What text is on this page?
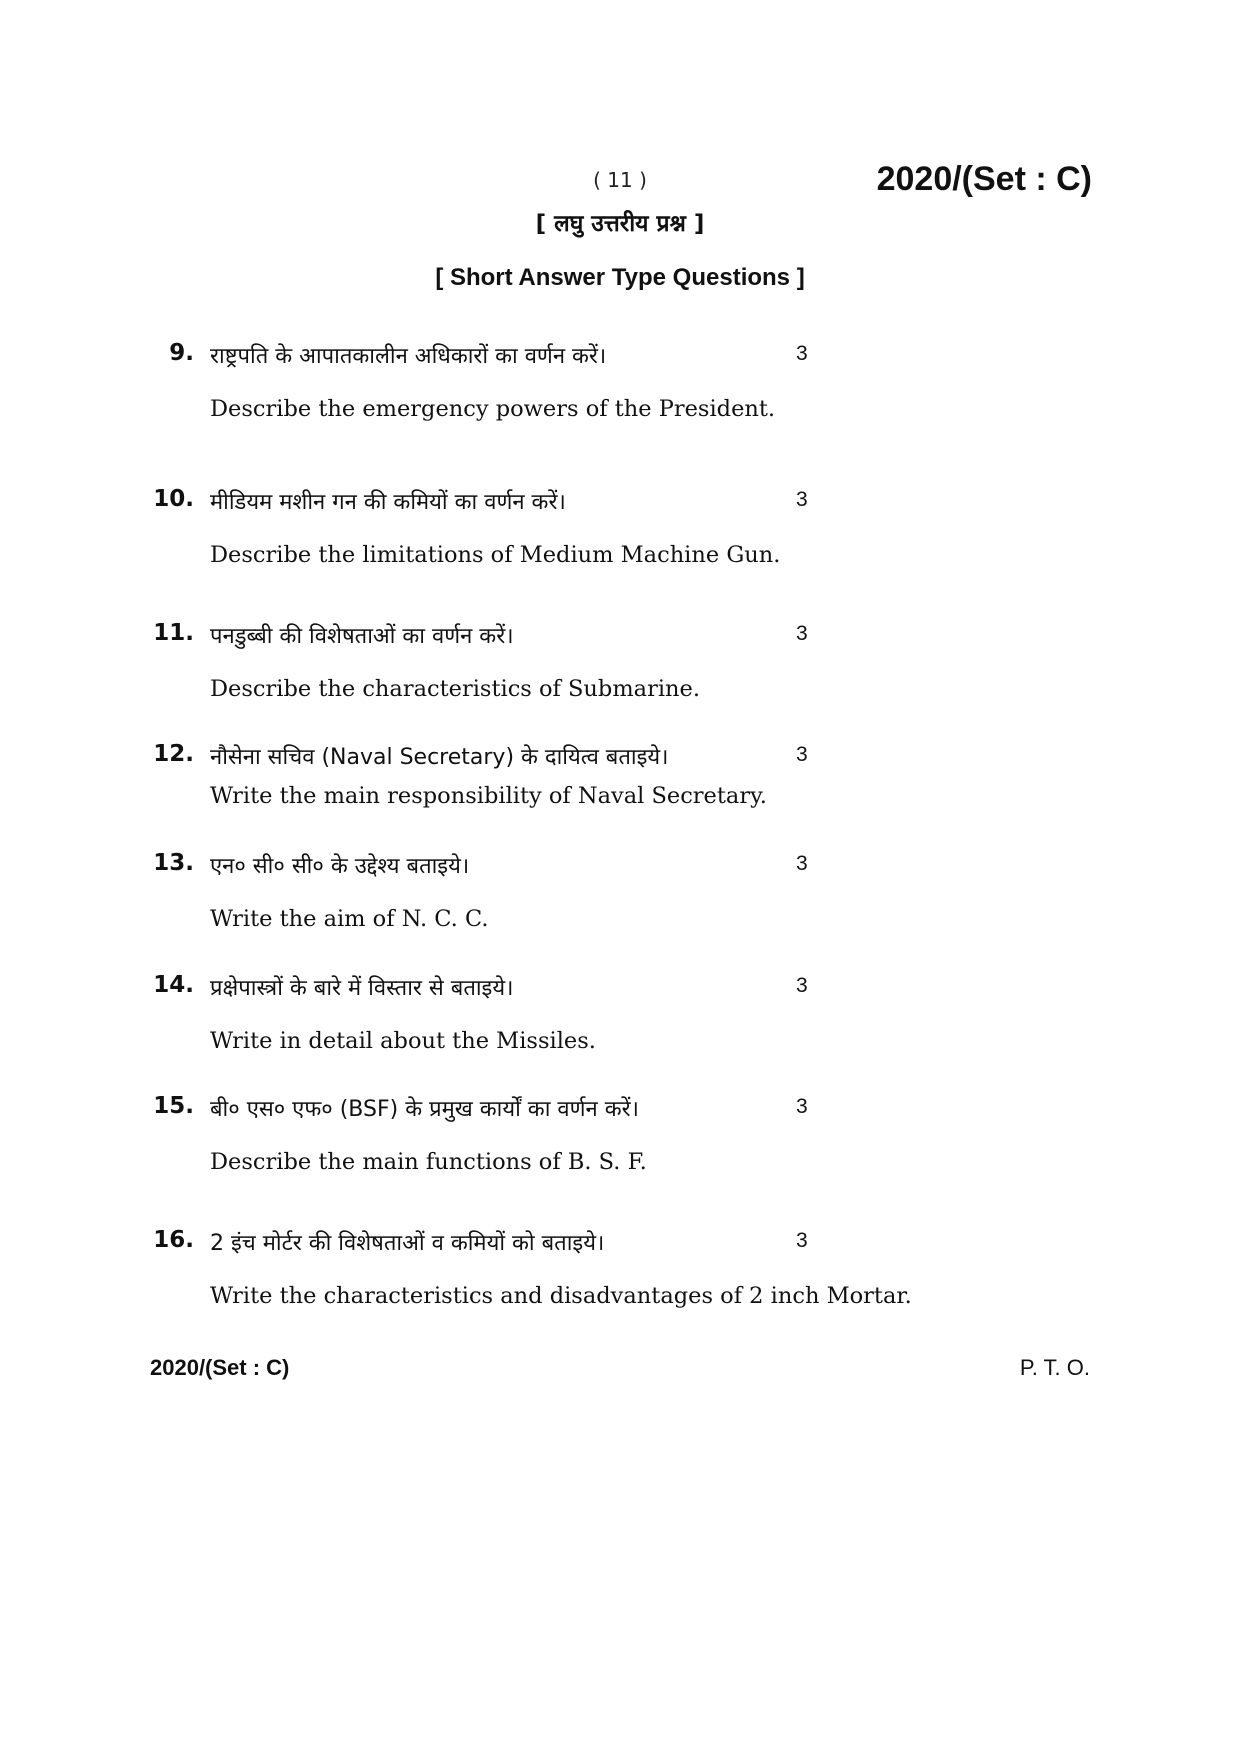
( 11 )	2020/(Set : C)
[ लघु उत्तरीय प्रश्न ]
[ Short Answer Type Questions ]
9. राष्ट्रपति के आपातकालीन अधिकारों का वर्णन करें।	3
Describe the emergency powers of the President.
10. मीडियम मशीन गन की कमियों का वर्णन करें।	3
Describe the limitations of Medium Machine Gun.
11. पनडुब्बी की विशेषताओं का वर्णन करें।	3
Describe the characteristics of Submarine.
12. नौसेना सचिव (Naval Secretary) के दायित्व बताइये।	3
Write the main responsibility of Naval Secretary.
13. एन० सी० सी० के उद्देश्य बताइये।	3
Write the aim of N. C. C.
14. प्रक्षेपास्त्रों के बारे में विस्तार से बताइये।	3
Write in detail about the Missiles.
15. बी० एस० एफ० (BSF) के प्रमुख कार्यों का वर्णन करें।	3
Describe the main functions of B. S. F.
16. 2 इंच मोर्टर की विशेषताओं व कमियों को बताइये।	3
Write the characteristics and disadvantages of 2 inch Mortar.
2020/(Set : C)	P. T. O.
